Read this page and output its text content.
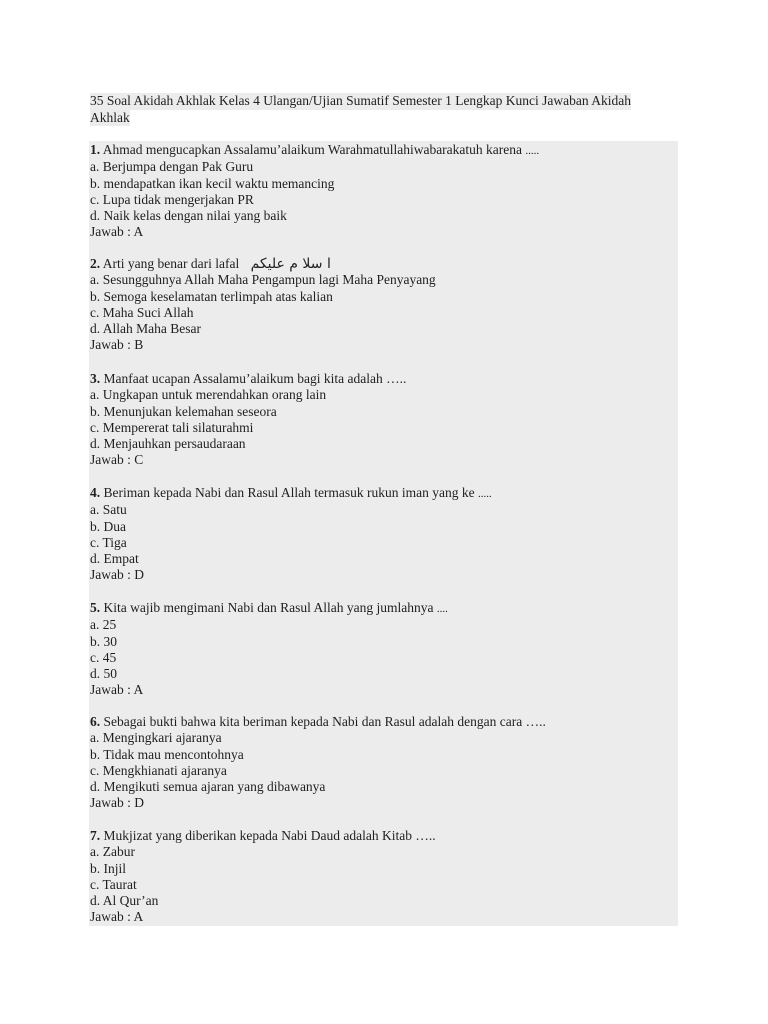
35 Soal Akidah Akhlak Kelas 4 Ulangan/Ujian Sumatif Semester 1 Lengkap Kunci Jawaban Akidah
Akhlak
1. Ahmad mengucapkan Assalamu’alaikum Warahmatullahiwabarakatuh karena .....
a. Berjumpa dengan Pak Guru
b. mendapatkan ikan kecil waktu memancing
c. Lupa tidak mengerjakan PR
d. Naik kelas dengan nilai yang baik
Jawab : A
2. Arti yang benar dari lafal ا سلا م عليكم
a. Sesungguhnya Allah Maha Pengampun lagi Maha Penyayang
b. Semoga keselamatan terlimpah atas kalian
c. Maha Suci Allah
d. Allah Maha Besar
Jawab : B
3. Manfaat ucapan Assalamu’alaikum bagi kita adalah …..
a. Ungkapan untuk merendahkan orang lain
b. Menunjukan kelemahan seseora
c. Mempererat tali silaturahmi
d. Menjauhkan persaudaraan
Jawab : C
4. Beriman kepada Nabi dan Rasul Allah termasuk rukun iman yang ke .....
a. Satu
b. Dua
c. Tiga
d. Empat
Jawab : D
5. Kita wajib mengimani Nabi dan Rasul Allah yang jumlahnya ....
a. 25
b. 30
c. 45
d. 50
Jawab : A
6. Sebagai bukti bahwa kita beriman kepada Nabi dan Rasul adalah dengan cara …..
a. Mengingkari ajaranya
b. Tidak mau mencontohnya
c. Mengkhianati ajaranya
d. Mengikuti semua ajaran yang dibawanya
Jawab : D
7. Mukjizat yang diberikan kepada Nabi Daud adalah Kitab …..
a. Zabur
b. Injil
c. Taurat
d. Al Qur’an
Jawab : A
